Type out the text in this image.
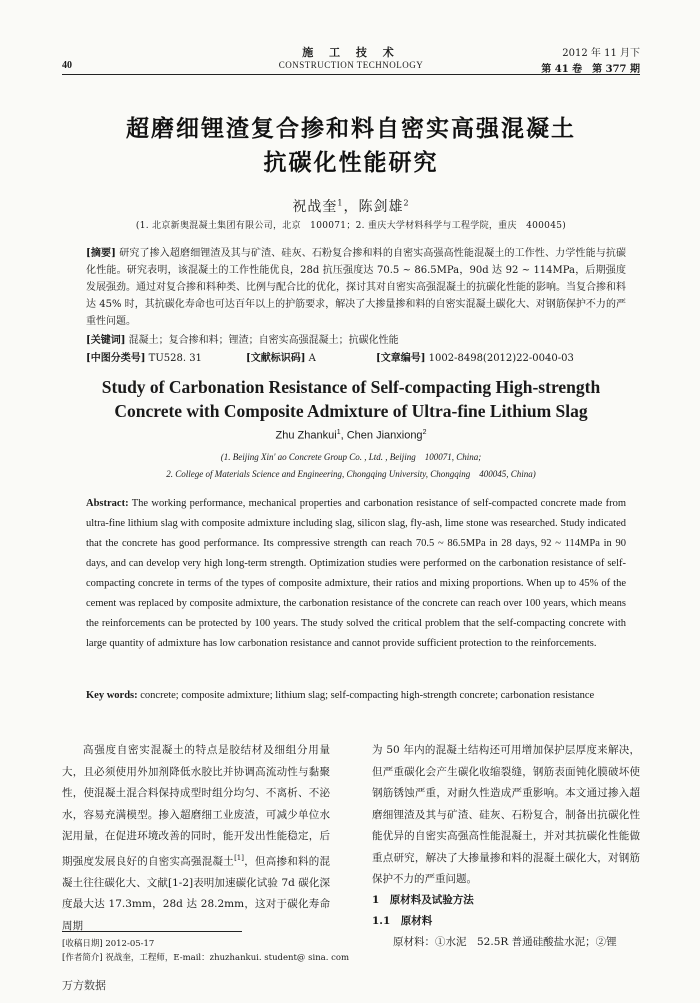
40
施 工 技 术
CONSTRUCTION TECHNOLOGY
2012 年 11 月下
第 41 卷　第 377 期
超磨细锂渣复合掺和料自密实高强混凝土
抗碳化性能研究
祝战奎$^1$，陈剑雄$^2$
(1. 北京新奥混凝土集团有限公司，北京　100071；2. 重庆大学材料科学与工程学院，重庆　400045)
[摘要] 研究了掺入超磨细锂渣及其与矿渣、硅灰、石粉复合掺和料的自密实高强高性能混凝土的工作性、力学性能与抗碳化性能。研究表明，该混凝土的工作性能优良，28d 抗压强度达 70.5 ~ 86.5MPa，90d 达 92 ~ 114MPa，后期强度发展强劲。通过对复合掺和料种类、比例与配合比的优化，探讨其对自密实高强混凝土的抗碳化性能的影响。当复合掺和料达 45% 时，其抗碳化寿命也可达百年以上的护筋要求，解决了大掺量掺和料的自密实混凝土碳化大、对钢筋保护不力的严重性问题。
[关键词] 混凝土；复合掺和料；锂渣；自密实高强混凝土；抗碳化性能
[中图分类号] TU528. 31	[文献标识码] A	[文章编号] 1002-8498(2012)22-0040-03
Study of Carbonation Resistance of Self-compacting High-strength
Concrete with Composite Admixture of Ultra-fine Lithium Slag
Zhu Zhankui$^1$, Chen Jianxiong$^2$
(1. Beijing Xin' ao Concrete Group Co. , Ltd. , Beijing　100071, China;
2. College of Materials Science and Engineering, Chongqing University, Chongqing　400045, China)
Abstract: The working performance, mechanical properties and carbonation resistance of self-compacted concrete made from ultra-fine lithium slag with composite admixture including slag, silicon slag, fly-ash, lime stone was researched. Study indicated that the concrete has good performance. Its compressive strength can reach 70.5 ~ 86.5MPa in 28 days, 92 ~ 114MPa in 90 days, and can develop very high long-term strength. Optimization studies were performed on the carbonation resistance of self-compacting concrete in terms of the types of composite admixture, their ratios and mixing proportions. When up to 45% of the cement was replaced by composite admixture, the carbonation resistance of the concrete can reach over 100 years, which means the reinforcements can be protected by 100 years. The study solved the critical problem that the self-compacting concrete with large quantity of admixture has low carbonation resistance and cannot provide sufficient protection to the reinforcements.
Key words: concrete; composite admixture; lithium slag; self-compacting high-strength concrete; carbonation resistance
高强度自密实混凝土的特点是胶结材及细组分用量大，且必须使用外加剂降低水胶比并协调高流动性与黏聚性，使混凝土混合料保持成型时组分均匀、不离析、不泌水，容易充满模型。掺入超磨细工业废渣，可减少单位水泥用量，在促进环境改善的同时，能开发出性能稳定，后期强度发展良好的自密实高强混凝土[1]，但高掺和料的混凝土往往碳化大、文献[1-2]表明加速碳化试验 7d 碳化深度最大达 17.3mm，28d 达 28.2mm，这对于碳化寿命周期
为 50 年内的混凝土结构还可用增加保护层厚度来解决，但严重碳化会产生碳化收缩裂缝，钢筋表面钝化膜破坏使钢筋锈蚀严重，对耐久性造成严重影响。本文通过掺入超磨细锂渣及其与矿渣、硅灰、石粉复合，制备出抗碳化性能优异的自密实高强高性能混凝土，并对其抗碳化性能做重点研究，解决了大掺量掺和料的混凝土碳化大，对钢筋保护不力的严重问题。
1　原材料及试验方法
1.1　原材料
原材料：①水泥　52.5R 普通硅酸盐水泥；②锂
[收稿日期] 2012-05-17
[作者简介] 祝战奎，工程师，E-mail：zhuzhankui. student@ sina. com
万方数据
